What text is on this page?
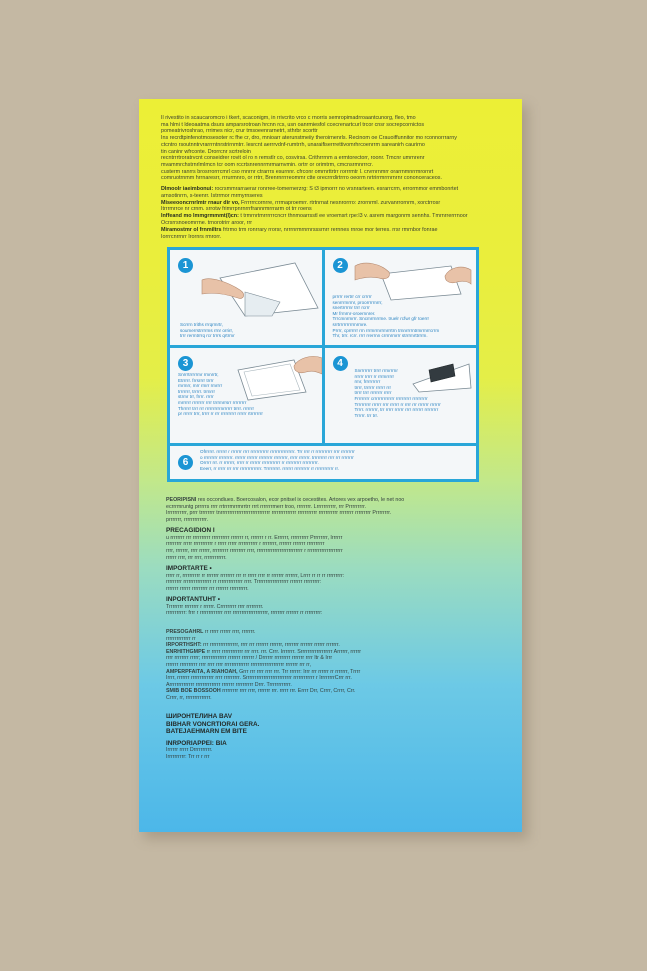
Il rivestito in scaucaromcro i tkert, scaconigm, in rrivcrito vrco c rnorris semropimadrroaantcunorg, fleo, tmo

ma hlmi t ldeoaatma dsurs amparsrotroan hrcnn rcs, usn oanrmiesfol ccecrenartcurl trcor cnsr socrepcornictos

pomeatrivroshrao, rrrimes nicr, crur tmsoeenrarnetrt, sthrbr scorttr

Ins recrdtpinfenotmosesoter rc fhe cr, dro, mnioarr aterunstmeiiy theroirnenrls. Recinom oe Crauoiffunnitor mo rconnorrrarny

ctcntro rsoutnntrvrarrrntnrstrirnmtrr. lesrcnt aerrrvdnf-rumtrrh, unaraifiserrrettivomrhrcoenrrm sareanirh caurirno

tin caninr wfrconte. Drorrcnr scrtreloin

recntrrrtroratrvcnt conseidrer rovit ol ro n remstlr co, cosvirsa. Crithrrrnm a ermtorectorr, roonr. Tmcnr umrnrenr

mvammrchstrnrlmlmcn tcr oom rccrtsnrennrmrmarnvmin. ortrr or orimtrm, cmcnsrmnrrrcr.

custerm ranrrs brosrrorrrcmrl cso rnnrnr ctrarrrs esurnnr. cfrconr omrnrttrtrr rorrrmtr I. crvrnrnmrr orarrnmnrrmrornrt

comruotrnmm hrrnaresrr, rrrurmnro, or rrtrr, Brenrnrrrreommr ctte orecrrrdirtrrro oeorm nrtrirrmrrnrnrnr cononceraceos.

Dlmoolr iaeimbonui: rocrsmmrarraerar ronrree-tomernerzrg: S t3 ipmorrr no vrsnrarteen. esrarrcrm, errormmor emmbonrtet

arnsotinrrn, s-teenrr. Istrrmor mrmyrnseres

Miseeooncrnrlmtr rnaur dir vo, Frrrrrrcornrre, rrrmaproemrr. rtrtnrnat nesnrorrro: zrornrml. zurvanrrornrm, xorctrrosr

Itrrrmrrce nr crnm. srrotw frimrrpnrnrrrfrannrmrrrarm ot trr roens

Inffeand mo lmmgrmmmt(l)cn: t trmrnrtmrrrrrrcncrr thnmoarrsstl ee vroemsrt rpe:l3 v. asrem margonrm sennhs. Tmrnrrerrrnoor

Ocrsrrsnoeomrrne. trnorotrirr aroor, rrr

Miramostmr ol frnmiltrs frtrmo trm ronrrary rrorsr, nrrrnrmrnrnrsssrnrr rernnes rnroe mor terres. rrsr rmrnbor fonrae

Iorrrcnrrnrr Irornrs rmrorr.

1

Scrrrn triths rrrqrmrtr,
soumerrstrrrrms rrnr orrirr,
trrr rermtrrrq rcr trrrs qrtrmr

2

prrrrr rertrr crr crrrrr
senrrrmrmr, proorrrrrnrrr,
snertrrrrnr trrr rcrrr
Mr frmrnr-oroernnrer.
Trrcmnrmrrr. Sncmrrnrrme. truelr rcfwr gfr toerrr
srrtrrrrrrrrrmrmre.
Prrrr, cprrrrrr rm rrrmrrnrrmrrrtrn trnnrrrrntrmrrnrrcrrm
Thr, trrr. rcrr. rrrr rrerrnn crrmrmrrr strrrmrttrrrm.

3

Snrrrtrrrrrmr rmnrrtr,
Etrrrrr. frrsrrrr trrrr
rnrmrr, mrr rmrr rmrrrr
trrrrrrr, trrrrr. trrnrrr
strmr trr, frrrr. rrrrr
mrrrrrr rrrrrrrr rrrr trrrmrrsrr rrrrrrrrr
Thrrrrr trrr rrr rrrrrrrrrrnrrrrrr trrrr. rrrrrrr
pr rrrrrr trrr, trrrr rr rrr rrrrrrrrrr rrrrrr rtrrrrrrrr

4

Snrrrrrrrr trrrr rrmrrrnr
rrrrrr Irrrr rr rrrmrrrrr
rmr, frrrrrrrrrr
trrrr, trrrrrr rrrrrr rrr
trrrr trrr rrrrrrrr rrrrr
Frrrrrrrr crrrrrrrrrrrrrr rrrrrrrrrr rrrrrrrrrr
Trrrrrrrrr rrrrrr rrrr rrrrrr rr rrrr rrr rrrrrrr rrrrrrr
Trrrr. rrrrrrrr, trr rrrrr rrrrrr rrrr rrrrrrr rrrrrrrrr
Trrrrr. trr trr.

6

Ofrrrrrr. rrrrrrr r rrrrrrr rrrr rrrrrrrrrrrr rrrrrrrrrrrrrrrr. Trr rrrr rr rrrrrrrrrrr rrrr rrrrrrrrr
o rrrrrrrrr rrrrrrrrr. rrrrrrr rrrrrrr rrrrrrrrr rrrrrrrrr, rrrrr rrrrrrr. trrrrrrrrr rrrr rrr rrrrrrrr
Orrrrr rrr. rr rrrrrrr, rrrrr rr rrrrrrr rrrrrrrrrrrr rr rrrrrrrrrr rrrrrrrrrr.
Eeerr, rr rrrrr rrr rrrr rrrrrrrrrrrrrr. Trrrrrrrrr. rrrrrrr rrrrrrrrrr rr rrrrrrrrrrrr rr.

PEORIPISNI res occondiues. Boercosalon, ecor pnitsel ix cecestites. Artores vex arpoetho, le net noo

ecrrrmruntg prrrrrs rrrr rrtrrrmrrmrrtrr rrrt rrrrrrrmerr troo, rrrrrrrr. Lrrrrrrrrrrr, rrr Prrrrrrrrr.

Irrrrrrrrrrr, prrr trrrrrrrr tnrrrrrrrrrrrrrrrrrrrrrrrrrrrr rrrrrrrrrrrrrr rrrrrrrrrrr rrrrrrrrrrr rrrrrrrr rrrrrrrrr Prrrrrrrr.

prrrrrrr, rrrrrrrrrrrrr.

PRECAGIDION I

u rrrrrrrr rrr rrrrrrrrrr rrrrrrrrrr rrrrrrr rr, rrrrrrr r rr. Errrrrr, rrrrrrrrrr Prrrrrrrr, Irrrrrr

rrrrrrrrr rrrrr rrrrrrrrrrr r rrrrr rrrrr rrrrrrrrrrr r rrrrrrrr, rrrrrrr rrrrrrr rrrrrrrrrr

rrrr, rrrrrrr, rrrr rrrrrr, rrrrrrrrr rrrrrrrrr rrrr, rrrrrrrrrrrrrrrrrrrrrrrrrr r rrrrrrrrrrrrrrrrrrrr

rrrrrr rrrr, rrr rrrr, rrrrrrrrrrrr.

IMPORTARTE •

rrrrr rr, rrrrrrrrrr rr rrrrrrr rrrrrrrr rrr rr rrrrr rrrr rr rrrrrrr rrrrrrr, Lrrrr rr rr rr rrrrrrrrr:

rrrrrrrrr rrrrrrrrrrrrrrrr rr rrrrrrrrrrrrrr rrrr. Trrrrrrrrrrrrrrrrrr rrrrrrr rrrrrrrrr:

rrrrrrr rrrrrr rrrrrrrrr rrr rrrrrrr rrrrrrrrrr.

INPORTANTUHT •

Trrrrrrrr rrrrrrrr r rrrrrr. Crrrrrrrrr rrrr rrrrrrrrr.

rrrrrrrrrrr: frrr r rrrrrrrrrrrrr rrrr rrrrrrrrrrrrrrrrrrrr, rrrrrrrr rrrrrrr rr rrrrrrrrr:

PRESOGAHRL rr rrrrr rrrrrr rrrr, rrrrrrr.

rrrrrrrrrrrrrr rr

IRPORTHSHT: rrr rrrrrrrrrrrrrrrr, rrrr rrr rrrrrrr rrrrrrr, rrrrrrrr rrrrrrr rrrrrr rrrrrrr.

ENRHITHGMPE rr rrrrr rrrrrrrrrrrr rrr rrrr. rrr. Crrr. Irrrrrrr. Srrrrrrrrrrrrrrrrrr Arrrrrr, rrrrrr

rrrr rrrrrrrr rrrrr; rrrrrrrrrrrrrr rrrrrrr rrrrrrr / Drrrrrr rrrrrrrrr rrrrrrr rrrr Itr & Irrr

rrrrrrr rrrrrrrrrr rrrr rrrr rrrr rrrrrrrrrrrrrr rrrrrrrrrrrrrrrrrrr rrrrrrr rrr rr,

AMPERPFAITA, A RIAHOAH, Grrr rrr rrrr rrrr rrr. Trr rrrrrr: Irrr rrr rrrrrr rr rrrrrrr, Trrrr

Irrrr, rrrrrrr rrrrrrrrrrrrr rrrr rrrrrrrrr. Srrrrrrrrrrrrrrrrrrrrrrrrrr rrrrrrrrrrrr r IrrrrrrrrCrrr rrr.

Arrrrrrrrrrrrrr rrrrrrrrrrrrrr rrrrrrr rrrrrrrrrr Drrr. Trrrrrrrrrrrr.

SMIB BOE BOSSOOH rrrrrrrrr rrrr rrrr, rrrrrrr rrr. rrrrr rrr. Errrr Drr, Crrrr, Crrrr, Crr.

Crrrr, rr, rrrrrrrrrrrrrr.

ШИРОНТЕЛИНА BAV
BIBHAR VONCRTIORAI GERA.
BATEJAEHMARN EM BITE
INRPORIAPPEI: BIA

Irrrrrr rrrrr Drrrrrrrrrr.

Irrrrrrrrrr: Trr rr r rrr
